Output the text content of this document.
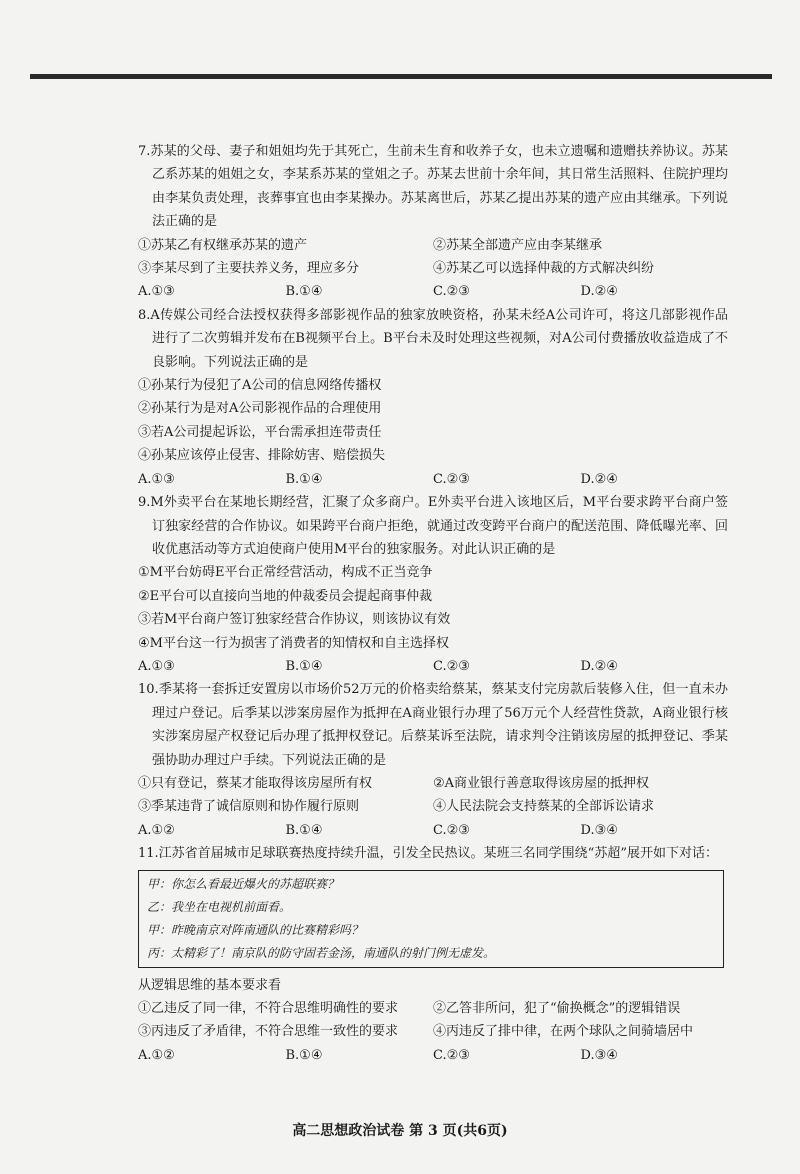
7.苏某的父母、妻子和姐姐均先于其死亡，生前未生育和收养子女，也未立遗嘱和遗赠扶养协议。苏某乙系苏某的姐姐之女，李某系苏某的堂姐之子。苏某去世前十余年间，其日常生活照料、住院护理均由李某负责处理，丧葬事宜也由李某操办。苏某离世后，苏某乙提出苏某的遗产应由其继承。下列说法正确的是

①苏某乙有权继承苏某的遗产	②苏某全部遗产应由李某继承
③李某尽到了主要扶养义务，理应多分	④苏某乙可以选择仲裁的方式解决纠纷
A.①③	B.①④	C.②③	D.②④

8.A传媒公司经合法授权获得多部影视作品的独家放映资格，孙某未经A公司许可，将这几部影视作品进行了二次剪辑并发布在B视频平台上。B平台未及时处理这些视频，对A公司付费播放收益造成了不良影响。下列说法正确的是

①孙某行为侵犯了A公司的信息网络传播权

②孙某行为是对A公司影视作品的合理使用

③若A公司提起诉讼，平台需承担连带责任

④孙某应该停止侵害、排除妨害、赔偿损失

A.①③	B.①④	C.②③	D.②④

9.M外卖平台在某地长期经营，汇聚了众多商户。E外卖平台进入该地区后，M平台要求跨平台商户签订独家经营的合作协议。如果跨平台商户拒绝，就通过改变跨平台商户的配送范围、降低曝光率、回收优惠活动等方式迫使商户使用M平台的独家服务。对此认识正确的是

①M平台妨碍E平台正常经营活动，构成不正当竞争

②E平台可以直接向当地的仲裁委员会提起商事仲裁

③若M平台商户签订独家经营合作协议，则该协议有效

④M平台这一行为损害了消费者的知情权和自主选择权

A.①③	B.①④	C.②③	D.②④

10.季某将一套拆迁安置房以市场价52万元的价格卖给蔡某，蔡某支付完房款后装修入住，但一直未办理过户登记。后季某以涉案房屋作为抵押在A商业银行办理了56万元个人经营性贷款，A商业银行核实涉案房屋产权登记后办理了抵押权登记。后蔡某诉至法院，请求判令注销该房屋的抵押登记、季某强协助办理过户手续。下列说法正确的是

①只有登记，蔡某才能取得该房屋所有权	②A商业银行善意取得该房屋的抵押权
③季某违背了诚信原则和协作履行原则	④人民法院会支持蔡某的全部诉讼请求
A.①②	B.①④	C.②③	D.③④

11.江苏省首届城市足球联赛热度持续升温，引发全民热议。某班三名同学围绕“苏超”展开如下对话：

甲：你怎么看最近爆火的苏超联赛？

乙：我坐在电视机前面看。

甲：昨晚南京对阵南通队的比赛精彩吗？

丙：太精彩了！南京队的防守固若金汤，南通队的射门例无虚发。

从逻辑思维的基本要求看

①乙违反了同一律，不符合思维明确性的要求	②乙答非所问，犯了“偷换概念”的逻辑错误
③丙违反了矛盾律，不符合思维一致性的要求	④丙违反了排中律，在两个球队之间骑墙居中
A.①②	B.①④	C.②③	D.③④
高二思想政治试卷 第 3 页(共6页)
